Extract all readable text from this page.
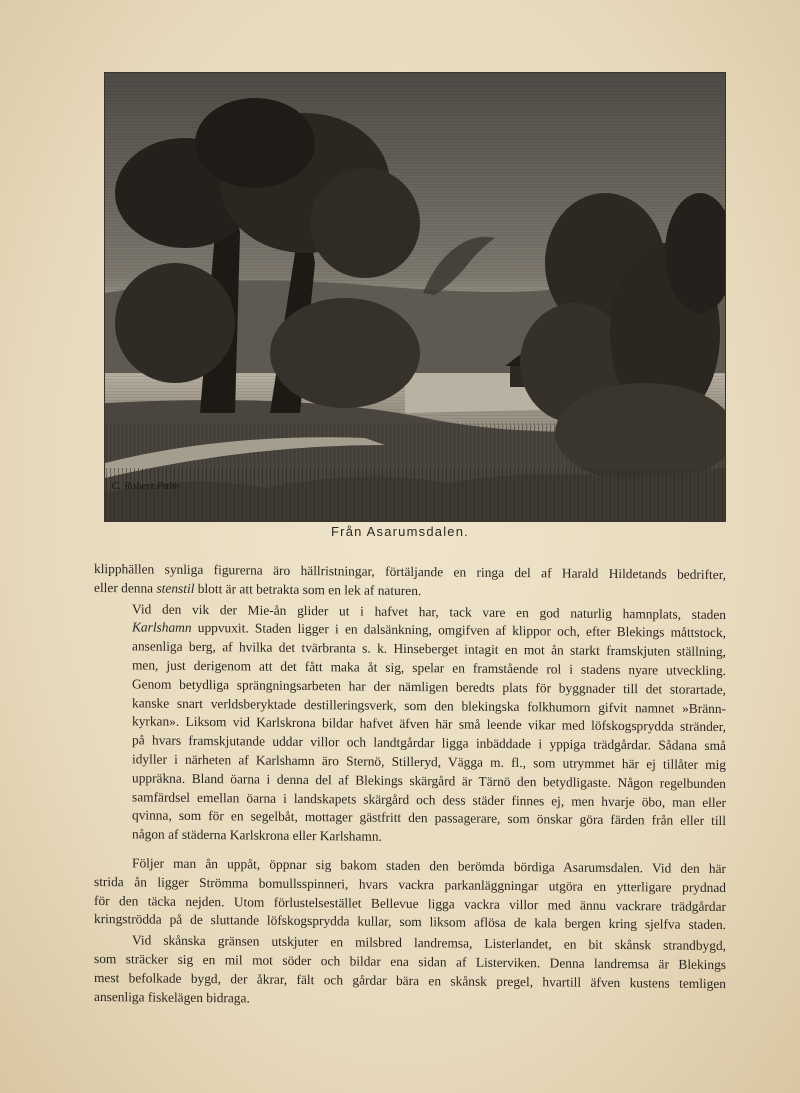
C. Robert Palm
Från Asarumsdalen.

klipphällen synliga figurerna äro hällristningar, förtäljande en ringa del af Harald Hildetands bedrifter,
eller denna stenstil blott är att betrakta som en lek af naturen.

Vid den vik der Mie-ån glider ut i hafvet har, tack vare en god naturlig hamnplats, staden
Karlshamn uppvuxit. Staden ligger i en dalsänkning, omgifven af klippor och, efter Blekings måttstock,
ansenliga berg, af hvilka det tvärbranta s. k. Hinseberget intagit en mot ån starkt framskjuten ställning,
men, just derigenom att det fått maka åt sig, spelar en framstående rol i stadens nyare utveckling.
Genom betydliga sprängningsarbeten har der nämligen beredts plats för byggnader till det storartade,
kanske snart verldsberyktade destilleringsverk, som den blekingska folkhumorn gifvit namnet »Bränn-
kyrkan». Liksom vid Karlskrona bildar hafvet äfven här små leende vikar med löfskogsprydda stränder,
på hvars framskjutande uddar villor och landtgårdar ligga inbäddade i yppiga trädgårdar. Sådana små
idyller i närheten af Karlshamn äro Sternö, Stilleryd, Vägga m. fl., som utrymmet här ej tillåter mig
uppräkna. Bland öarna i denna del af Blekings skärgård är Tärnö den betydligaste. Någon regelbunden
samfärdsel emellan öarna i landskapets skärgård och dess städer finnes ej, men hvarje öbo, man eller
qvinna, som för en segelbåt, mottager gästfritt den passagerare, som önskar göra färden från eller till
någon af städerna Karlskrona eller Karlshamn.

Följer man ån uppåt, öppnar sig bakom staden den berömda bördiga Asarumsdalen. Vid den här
strida ån ligger Strömma bomullsspinneri, hvars vackra parkanläggningar utgöra en ytterligare prydnad
för den täcka nejden. Utom förlustelsestället Bellevue ligga vackra villor med ännu vackrare trädgårdar
kringströdda på de sluttande löfskogsprydda kullar, som liksom aflösa de kala bergen kring sjelfva staden.

Vid skånska gränsen utskjuter en milsbred landremsa, Listerlandet, en bit skånsk strandbygd,
som sträcker sig en mil mot söder och bildar ena sidan af Listerviken. Denna landremsa är Blekings
mest befolkade bygd, der åkrar, fält och gårdar bära en skånsk pregel, hvartill äfven kustens temligen
ansenliga fiskelägen bidraga.
